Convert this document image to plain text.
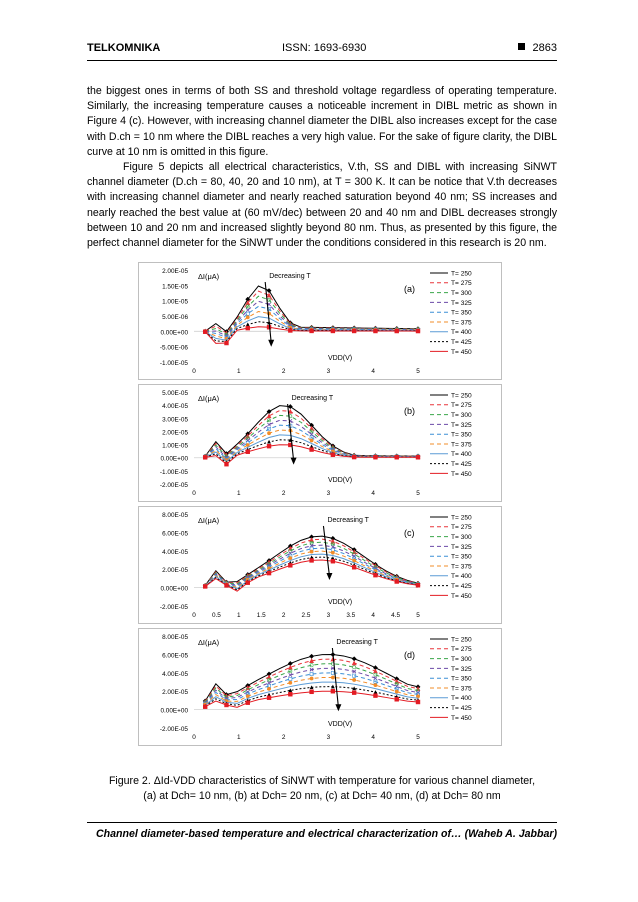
TELKOMNIKA	ISSN: 1693-6930	2863

the biggest ones in terms of both SS and threshold voltage regardless of operating temperature. Similarly, the increasing temperature causes a noticeable increment in DIBL metric as shown in Figure 4 (c). However, with increasing channel diameter the DIBL also increases except for the case with D.ch = 10 nm where the DIBL reaches a very high value. For the sake of figure clarity, the DIBL curve at 10 nm is omitted in this figure.

Figure 5 depicts all electrical characteristics, V.th, SS and DIBL with increasing SiNWT channel diameter (D.ch = 80, 40, 20 and 10 nm), at T = 300 K. It can be notice that V.th decreases with increasing channel diameter and nearly reached saturation beyond 40 nm; SS increases and nearly reached the best value at (60 mV/dec) between 20 and 40 nm and DIBL decreases strongly between 10 and 20 nm and increased slightly beyond 80 nm. Thus, as presented by this figure, the perfect channel diameter for the SiNWT under the conditions considered in this research is 20 nm.

2.00E-05
1.50E-05
1.00E-05
5.00E-06
0.00E+00
-5.00E-06
-1.00E-05
0	1	2	3	4	5
ΔI(μA)
VDD(V)
Decreasing T
(a)
T= 250
T= 275
T= 300
T= 325
T= 350
T= 375
T= 400
T= 425
T= 450
5.00E-05
4.00E-05
3.00E-05
2.00E-05
1.00E-05
0.00E+00
-1.00E-05
-2.00E-05
0	1	2	3	4	5
ΔI(μA)
VDD(V)
Decreasing T
(b)
T= 250
T= 275
T= 300
T= 325
T= 350
T= 375
T= 400
T= 425
T= 450
8.00E-05
6.00E-05
4.00E-05
2.00E-05
0.00E+00
-2.00E-05
0	0.5	1	1.5	2	2.5	3	3.5	4	4.5	5
ΔI(μA)
VDD(V)
Decreasing T
(c)
T= 250
T= 275
T= 300
T= 325
T= 350
T= 375
T= 400
T= 425
T= 450
8.00E-05
6.00E-05
4.00E-05
2.00E-05
0.00E+00
-2.00E-05
0	1	2	3	4	5
ΔI(μA)
VDD(V)
Decreasing T
(d)
T= 250
T= 275
T= 300
T= 325
T= 350
T= 375
T= 400
T= 425
T= 450
Figure 2. ΔId-VDD characteristics of SiNWT with temperature for various channel diameter,
(a) at Dch= 10 nm, (b) at Dch= 20 nm, (c) at Dch= 40 nm, (d) at Dch= 80 nm
Channel diameter-based temperature and electrical characterization of… (Waheb A. Jabbar)
